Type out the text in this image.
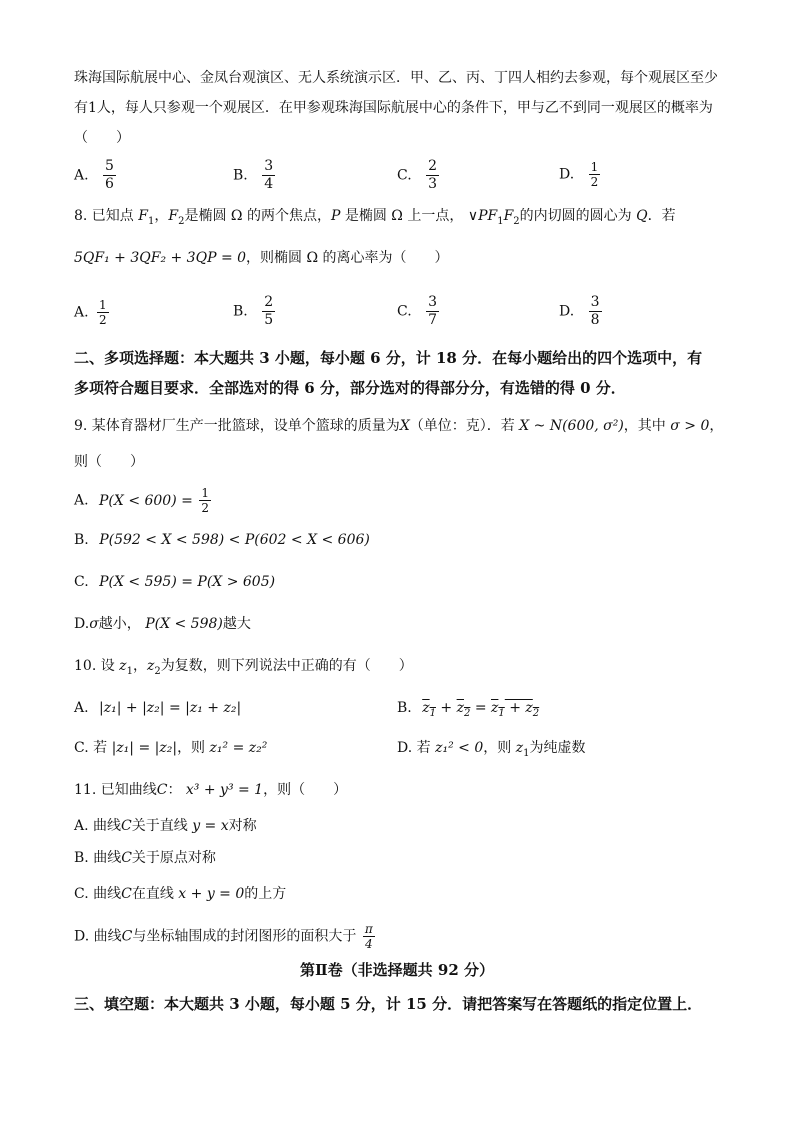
珠海国际航展中心、金凤台观演区、无人系统演示区．甲、乙、丙、丁四人相约去参观，每个观展区至少
有1人，每人只参观一个观展区．在甲参观珠海国际航展中心的条件下，甲与乙不到同一观展区的概率为
（　　）
A. $\frac{5}{6}$	B. $\frac{3}{4}$	C. $\frac{2}{3}$	D. $\frac{1}{2}$
8. 已知点 $F_1$，$F_2$是椭圆 Ω 的两个焦点，P 是椭圆 Ω 上一点， $\vee PF_1F_2$的内切圆的圆心为 Q．若
5QF₁ + 3QF₂ + 3QP = 0，则椭圆 Ω 的离心率为（　　）
A. $\frac{1}{2}$	B. $\frac{2}{5}$	C. $\frac{3}{7}$	D. $\frac{3}{8}$
二、多项选择题：本大题共 3 小题，每小题 6 分，计 18 分．在每小题给出的四个选项中，有
多项符合题目要求．全部选对的得 6 分，部分选对的得部分分，有选错的得 0 分．
9. 某体育器材厂生产一批篮球，设单个篮球的质量为X（单位：克）．若 X ~ N(600, σ²)，其中 σ > 0，
则（　　）
A. $P(X < 600) = \frac{1}{2}$
B. P(592 < X < 598) < P(602 < X < 606)
C. P(X < 595) = P(X > 605)
D.σ越小， P(X < 598)越大
10. 设 $z_1$，$z_2$为复数，则下列说法中正确的有（　　）
A. |z₁| + |z₂| = |z₁ + z₂|	B. $z_1 + z_2 = z_1 + z_2$
C. 若 |z₁| = |z₂|，则 z₁² = z₂²	D. 若 z₁² < 0，则 $z_1$为纯虚数
11. 已知曲线C： x³ + y³ = 1，则（　　）
A. 曲线C关于直线 y = x对称
B. 曲线C关于原点对称
C. 曲线C在直线 x + y = 0的上方
D. 曲线C与坐标轴围成的封闭图形的面积大于 $\frac{\pi}{4}$
第Ⅱ卷（非选择题共 92 分）
三、填空题：本大题共 3 小题，每小题 5 分，计 15 分．请把答案写在答题纸的指定位置上．
